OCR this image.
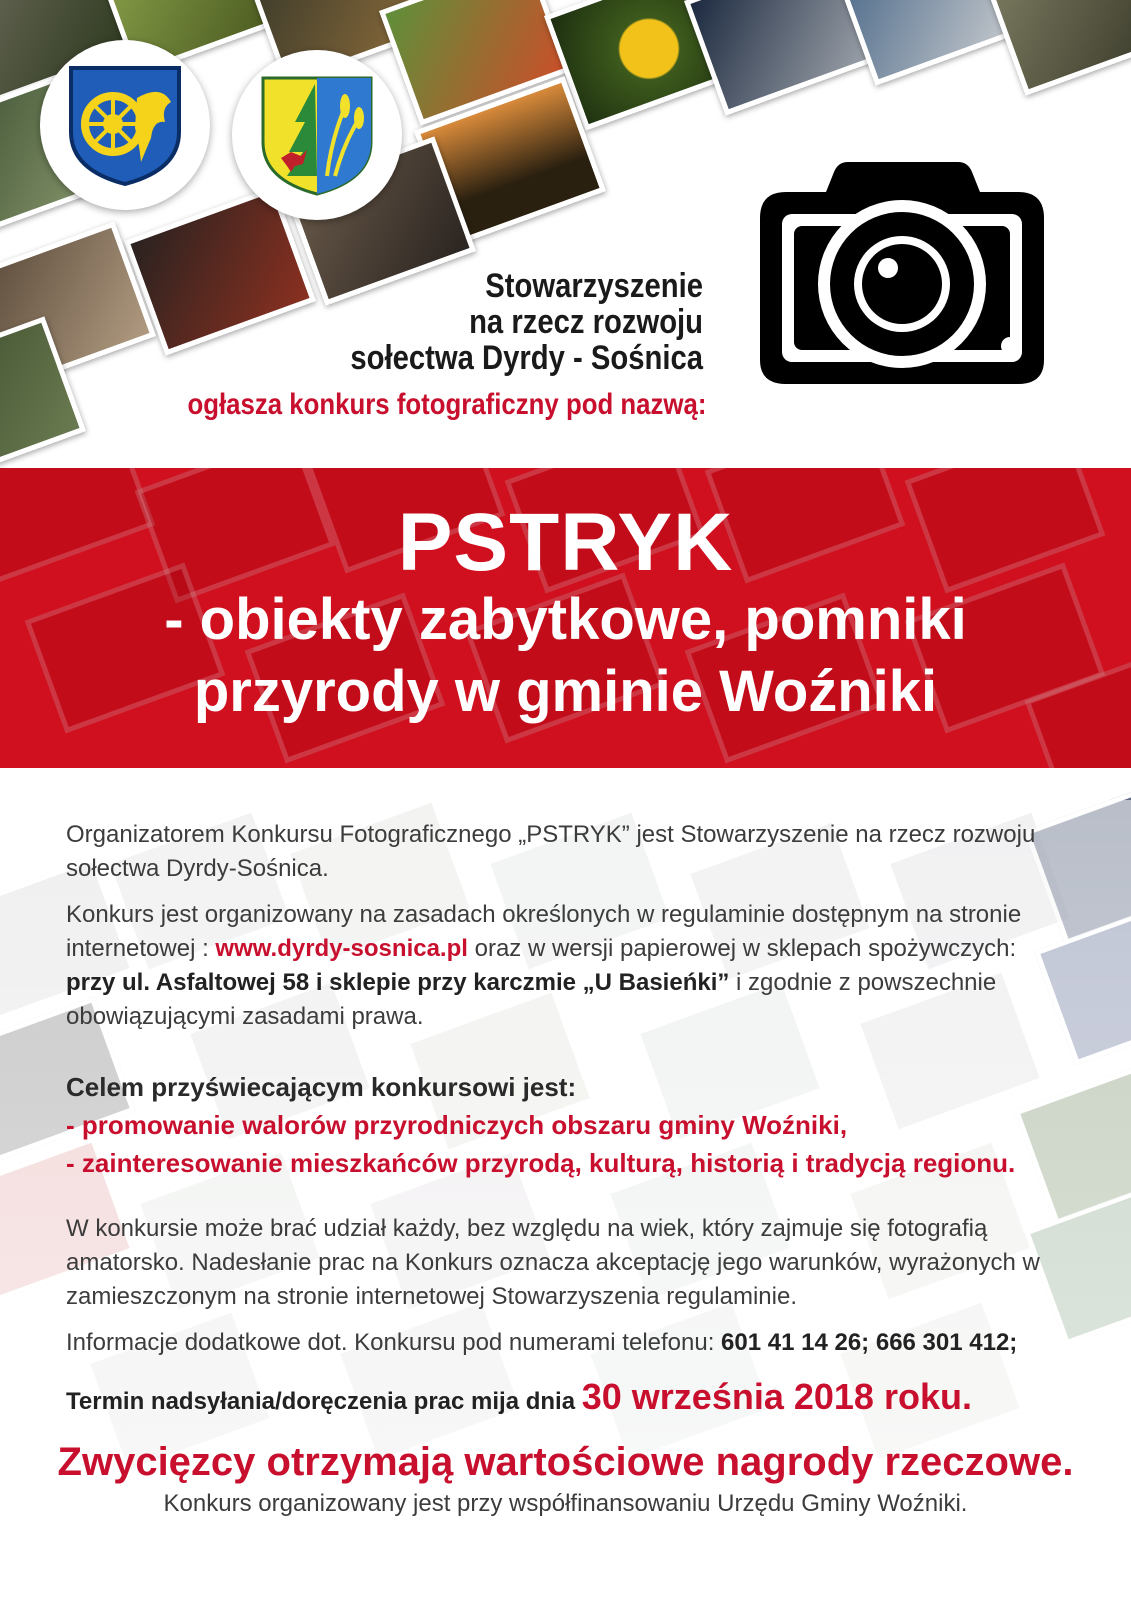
Stowarzyszenie
na rzecz rozwoju
sołectwa Dyrdy - Sośnica
ogłasza konkurs fotograficzny pod nazwą:
PSTRYK
- obiekty zabytkowe, pomniki
przyrody w gminie Woźniki
Organizatorem Konkursu Fotograficznego „PSTRYK” jest Stowarzyszenie na rzecz rozwoju sołectwa Dyrdy-Sośnica.
Konkurs jest organizowany na zasadach określonych w regulaminie dostępnym na stronie internetowej : www.dyrdy-sosnica.pl oraz w wersji papierowej w sklepach spożywczych: przy ul. Asfaltowej 58 i sklepie przy karczmie „U Basieńki” i zgodnie z powszechnie obowiązującymi zasadami prawa.
Celem przyświecającym konkursowi jest:
- promowanie walorów przyrodniczych obszaru gminy Woźniki,
- zainteresowanie mieszkańców przyrodą, kulturą, historią i tradycją regionu.
W konkursie może brać udział każdy, bez względu na wiek, który zajmuje się fotografią amatorsko. Nadesłanie prac na Konkurs oznacza akceptację jego warunków, wyrażonych w zamieszczonym na stronie internetowej Stowarzyszenia regulaminie.
Informacje dodatkowe dot. Konkursu pod numerami telefonu: 601 41 14 26; 666 301 412;
Termin nadsyłania/doręczenia prac mija dnia 30 września 2018 roku.
Zwycięzcy otrzymają wartościowe nagrody rzeczowe.
Konkurs organizowany jest przy współfinansowaniu Urzędu Gminy Woźniki.
